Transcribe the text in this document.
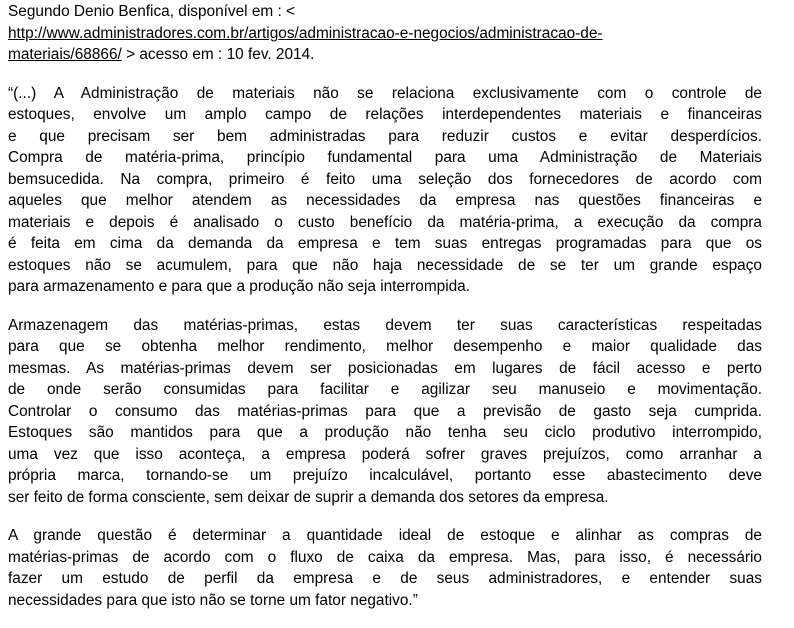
Segundo Denio Benfica, disponível em : <
http://www.administradores.com.br/artigos/administracao-e-negocios/administracao-de-
materiais/68866/ > acesso em : 10 fev. 2014.
“(...) A Administração de materiais não se relaciona exclusivamente com o controle de
estoques, envolve um amplo campo de relações interdependentes materiais e financeiras
e que precisam ser bem administradas para reduzir custos e evitar desperdícios.
Compra de matéria-prima, princípio fundamental para uma Administração de Materiais
bemsucedida. Na compra, primeiro é feito uma seleção dos fornecedores de acordo com
aqueles que melhor atendem as necessidades da empresa nas questões financeiras e
materiais e depois é analisado o custo benefício da matéria-prima, a execução da compra
é feita em cima da demanda da empresa e tem suas entregas programadas para que os
estoques não se acumulem, para que não haja necessidade de se ter um grande espaço
para armazenamento e para que a produção não seja interrompida.
Armazenagem das matérias-primas, estas devem ter suas características respeitadas
para que se obtenha melhor rendimento, melhor desempenho e maior qualidade das
mesmas. As matérias-primas devem ser posicionadas em lugares de fácil acesso e perto
de onde serão consumidas para facilitar e agilizar seu manuseio e movimentação.
Controlar o consumo das matérias-primas para que a previsão de gasto seja cumprida.
Estoques são mantidos para que a produção não tenha seu ciclo produtivo interrompido,
uma vez que isso aconteça, a empresa poderá sofrer graves prejuízos, como arranhar a
própria marca, tornando-se um prejuízo incalculável, portanto esse abastecimento deve
ser feito de forma consciente, sem deixar de suprir a demanda dos setores da empresa.
A grande questão é determinar a quantidade ideal de estoque e alinhar as compras de
matérias-primas de acordo com o fluxo de caixa da empresa. Mas, para isso, é necessário
fazer um estudo de perfil da empresa e de seus administradores, e entender suas
necessidades para que isto não se torne um fator negativo.”
